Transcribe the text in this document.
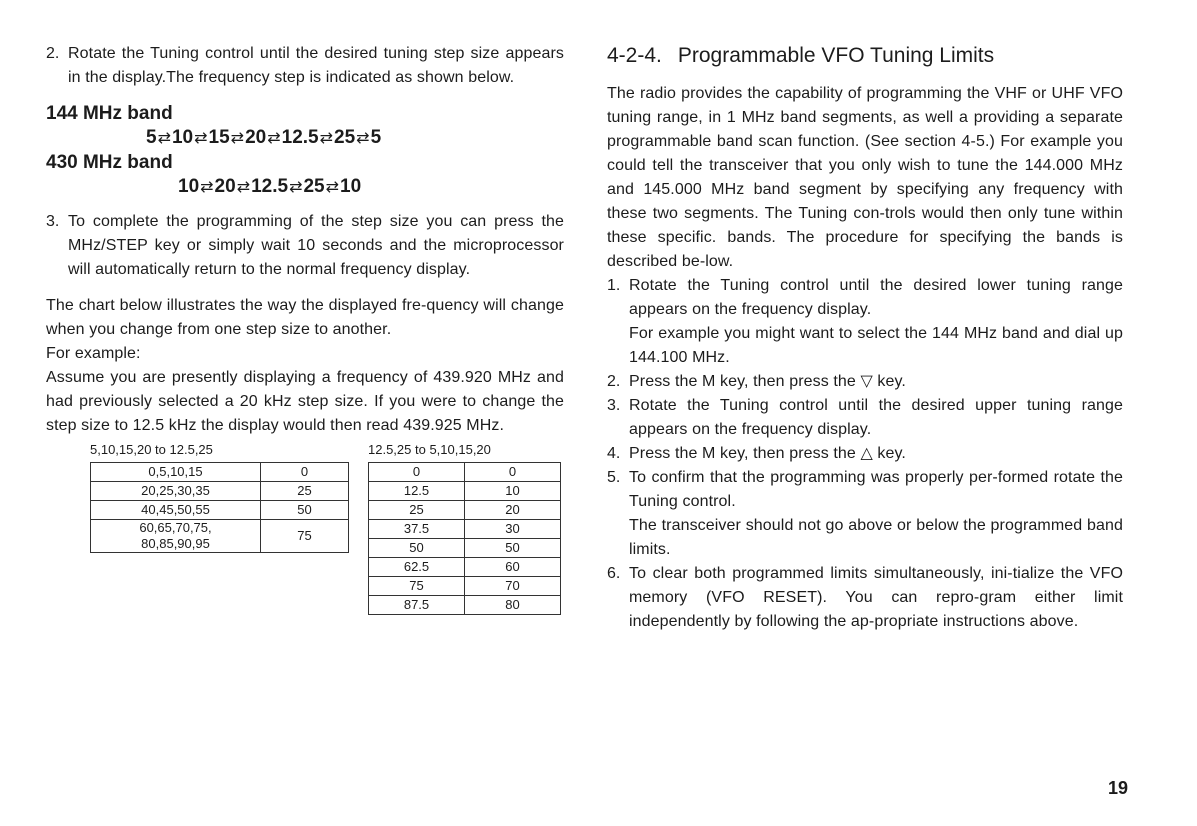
2. Rotate the Tuning control until the desired tuning step size appears in the display.The frequency step is indicated as shown below.

144 MHz band
5⇄10⇄15⇄20⇄12.5⇄25⇄5
430 MHz band
10⇄20⇄12.5⇄25⇄10
3. To complete the programming of the step size you can press the MHz/STEP key or simply wait 10 seconds and the microprocessor will automatically return to the normal frequency display.

The chart below illustrates the way the displayed fre-quency will change when you change from one step size to another.

For example:

Assume you are presently displaying a frequency of 439.920 MHz and had previously selected a 20 kHz step size. If you were to change the step size to 12.5 kHz the display would then read 439.925 MHz.

5,10,15,20 to 12.5,25
0,5,10,15	0
20,25,30,35	25
40,45,50,55	50
60,65,70,75,
80,85,90,95	75
12.5,25 to 5,10,15,20
0	0
12.5	10
25	20
37.5	30
50	50
62.5	60
75	70
87.5	80
4-2-4. Programmable VFO Tuning Limits

The radio provides the capability of programming the VHF or UHF VFO tuning range, in 1 MHz band segments, as well a providing a separate programmable band scan function. (See section 4-5.) For example you could tell the transceiver that you only wish to tune the 144.000 MHz and 145.000 MHz band segment by specifying any frequency with these two segments. The Tuning con-trols would then only tune within these specific. bands. The procedure for specifying the bands is described be-low.

1. Rotate the Tuning control until the desired lower tuning range appears on the frequency display.

For example you might want to select the 144 MHz band and dial up 144.100 MHz.

2. Press the M key, then press the ▽ key.

3. Rotate the Tuning control until the desired upper tuning range appears on the frequency display.

4. Press the M key, then press the △ key.

5. To confirm that the programming was properly per-formed rotate the Tuning control.

The transceiver should not go above or below the programmed band limits.

6. To clear both programmed limits simultaneously, ini-tialize the VFO memory (VFO RESET). You can repro-gram either limit independently by following the ap-propriate instructions above.

19
